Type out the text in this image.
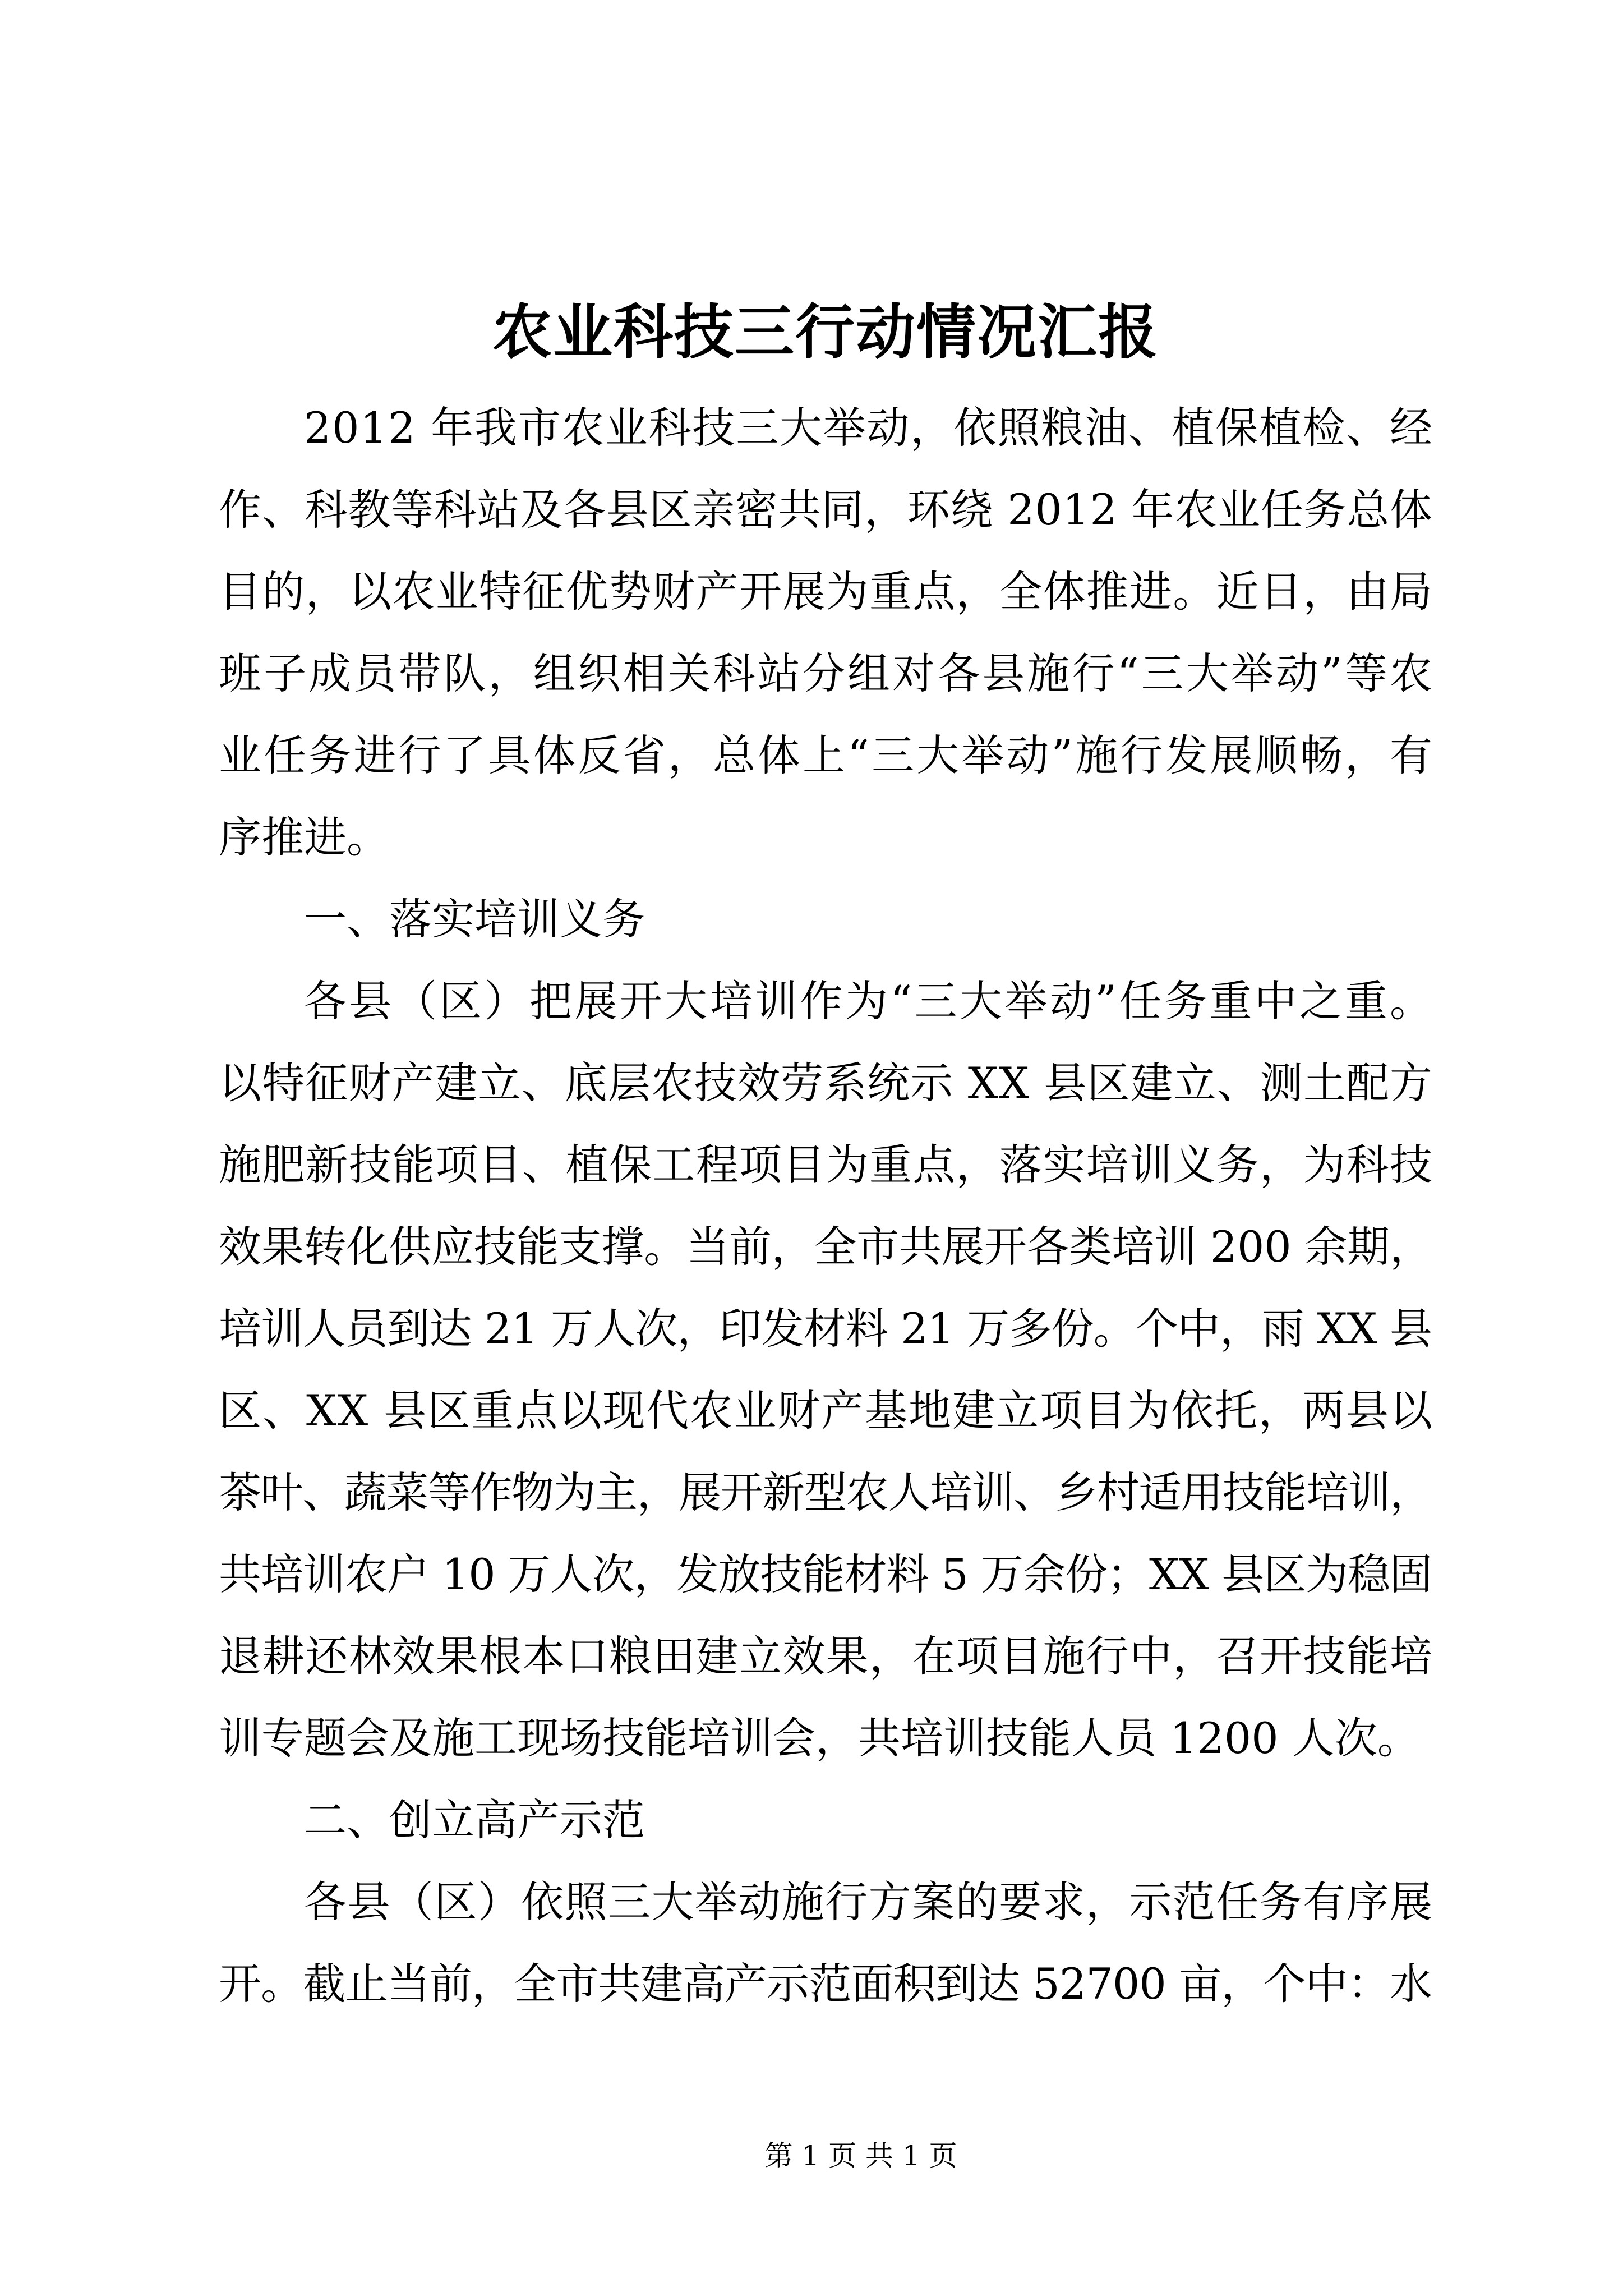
农业科技三行动情况汇报
2012 年我市农业科技三大举动，依照粮油、植保植检、经
作、科教等科站及各县区亲密共同，环绕 2012 年农业任务总体
目的，以农业特征优势财产开展为重点，全体推进。近日，由局
班子成员带队，组织相关科站分组对各县施行“三大举动”等农
业任务进行了具体反省，总体上“三大举动”施行发展顺畅，有
序推进。
一、落实培训义务
各县（区）把展开大培训作为“三大举动”任务重中之重。
以特征财产建立、底层农技效劳系统示 XX 县区建立、测土配方
施肥新技能项目、植保工程项目为重点，落实培训义务，为科技
效果转化供应技能支撑。当前，全市共展开各类培训 200 余期，
培训人员到达 21 万人次，印发材料 21 万多份。个中，雨 XX 县
区、XX 县区重点以现代农业财产基地建立项目为依托，两县以
茶叶、蔬菜等作物为主，展开新型农人培训、乡村适用技能培训，
共培训农户 10 万人次，发放技能材料 5 万余份；XX 县区为稳固
退耕还林效果根本口粮田建立效果，在项目施行中，召开技能培
训专题会及施工现场技能培训会，共培训技能人员 1200 人次。
二、创立高产示范
各县（区）依照三大举动施行方案的要求，示范任务有序展
开。截止当前，全市共建高产示范面积到达 52700 亩，个中：水
第 1 页 共 1 页
